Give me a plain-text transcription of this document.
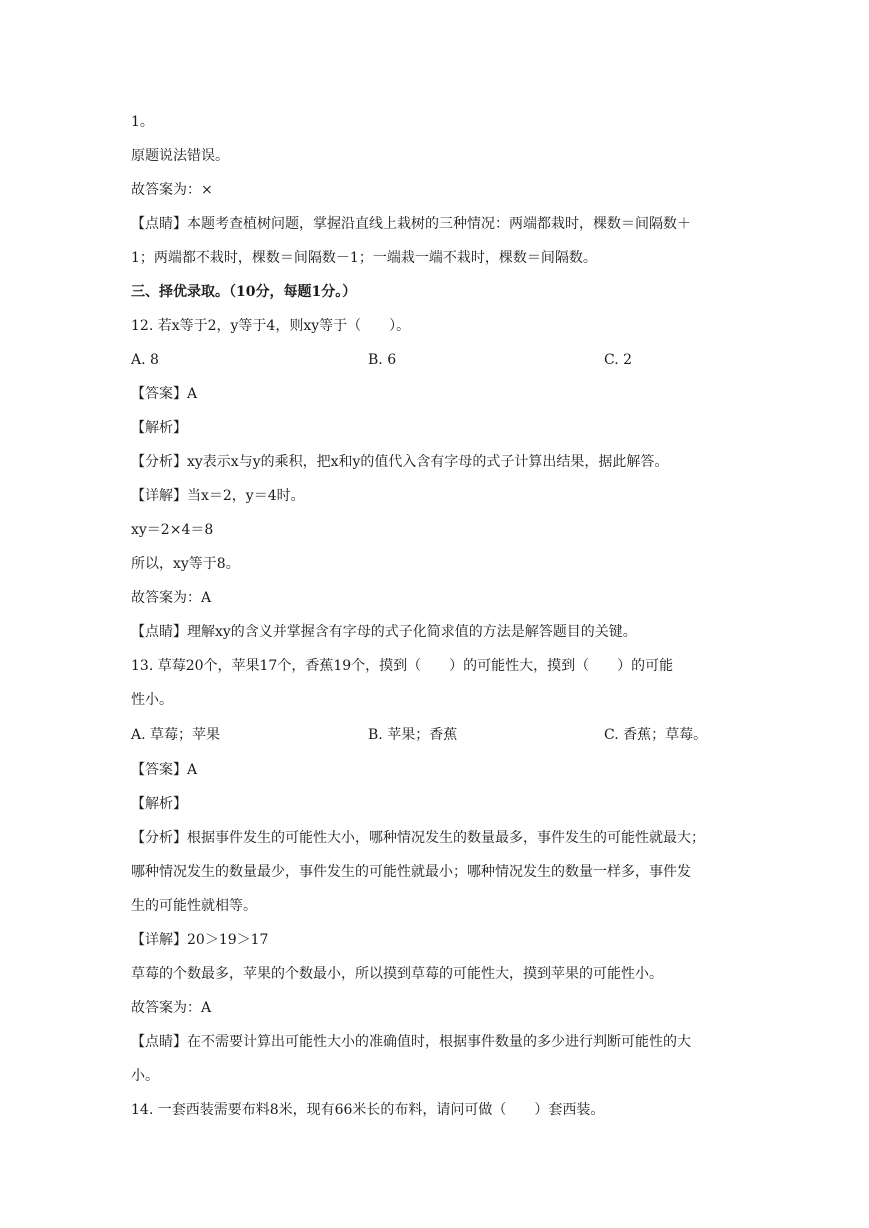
1。
原题说法错误。
故答案为：×
【点睛】本题考查植树问题，掌握沿直线上栽树的三种情况：两端都栽时，棵数＝间隔数＋
1；两端都不栽时，棵数＝间隔数－1；一端栽一端不栽时，棵数＝间隔数。
三、择优录取。（10分，每题1分。）
12. 若x等于2，y等于4，则xy等于（　　）。
A. 8	B. 6	C. 2
【答案】A
【解析】
【分析】xy表示x与y的乘积，把x和y的值代入含有字母的式子计算出结果，据此解答。
【详解】当x＝2，y＝4时。
xy＝2×4＝8
所以，xy等于8。
故答案为：A
【点睛】理解xy的含义并掌握含有字母的式子化简求值的方法是解答题目的关键。
13. 草莓20个，苹果17个，香蕉19个，摸到（　　）的可能性大，摸到（　　）的可能
性小。
A. 草莓；苹果	B. 苹果；香蕉	C. 香蕉；草莓。
【答案】A
【解析】
【分析】根据事件发生的可能性大小，哪种情况发生的数量最多，事件发生的可能性就最大；
哪种情况发生的数量最少，事件发生的可能性就最小；哪种情况发生的数量一样多，事件发
生的可能性就相等。
【详解】20＞19＞17
草莓的个数最多，苹果的个数最小，所以摸到草莓的可能性大，摸到苹果的可能性小。
故答案为：A
【点睛】在不需要计算出可能性大小的准确值时，根据事件数量的多少进行判断可能性的大
小。
14. 一套西装需要布料8米，现有66米长的布料，请问可做（　　）套西装。
